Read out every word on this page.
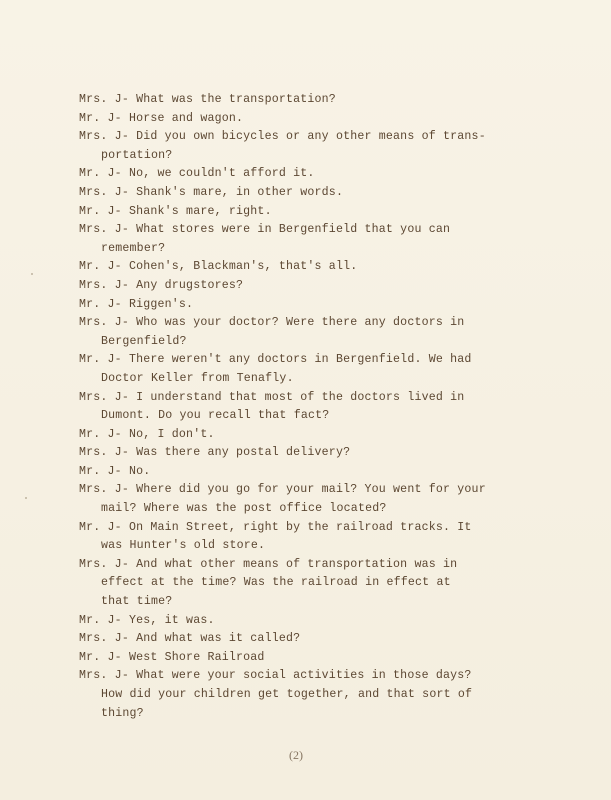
Mrs. J- What was the transportation?
Mr. J- Horse and wagon.
Mrs. J- Did you own bicycles or any other means of trans-
portation?
Mr. J- No, we couldn't afford it.
Mrs. J- Shank's mare, in other words.
Mr. J- Shank's mare, right.
Mrs. J- What stores were in Bergenfield that you can
remember?
Mr. J- Cohen's, Blackman's, that's all.
Mrs. J- Any drugstores?
Mr. J- Riggen's.
Mrs. J- Who was your doctor? Were there any doctors in
Bergenfield?
Mr. J- There weren't any doctors in Bergenfield. We had
Doctor Keller from Tenafly.
Mrs. J- I understand that most of the doctors lived in
Dumont. Do you recall that fact?
Mr. J- No, I don't.
Mrs. J- Was there any postal delivery?
Mr. J- No.
Mrs. J- Where did you go for your mail? You went for your
mail? Where was the post office located?
Mr. J- On Main Street, right by the railroad tracks. It
was Hunter's old store.
Mrs. J- And what other means of transportation was in
effect at the time? Was the railroad in effect at
that time?
Mr. J- Yes, it was.
Mrs. J- And what was it called?
Mr. J- West Shore Railroad
Mrs. J- What were your social activities in those days?
How did your children get together, and that sort of
thing?
(2)
